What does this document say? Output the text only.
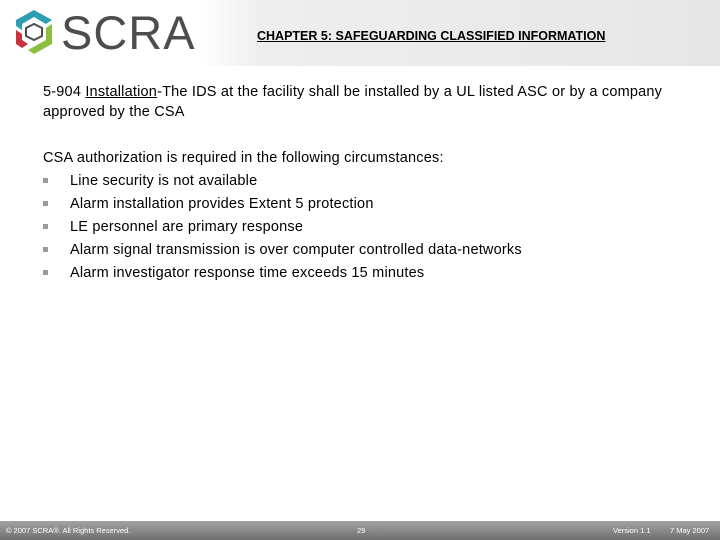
SCRA	CHAPTER 5: SAFEGUARDING CLASSIFIED INFORMATION

5-904 Installation-The IDS at the facility shall be installed by a UL listed ASC or by a company approved by the CSA

CSA authorization is required in the following circumstances:

Line security is not available
Alarm installation provides Extent 5 protection
LE personnel are primary response
Alarm signal transmission is over computer controlled data-networks
Alarm investigator response time exceeds 15 minutes
© 2007 SCRA®. All Rights Reserved.	29	Version 1.1	7 May 2007
